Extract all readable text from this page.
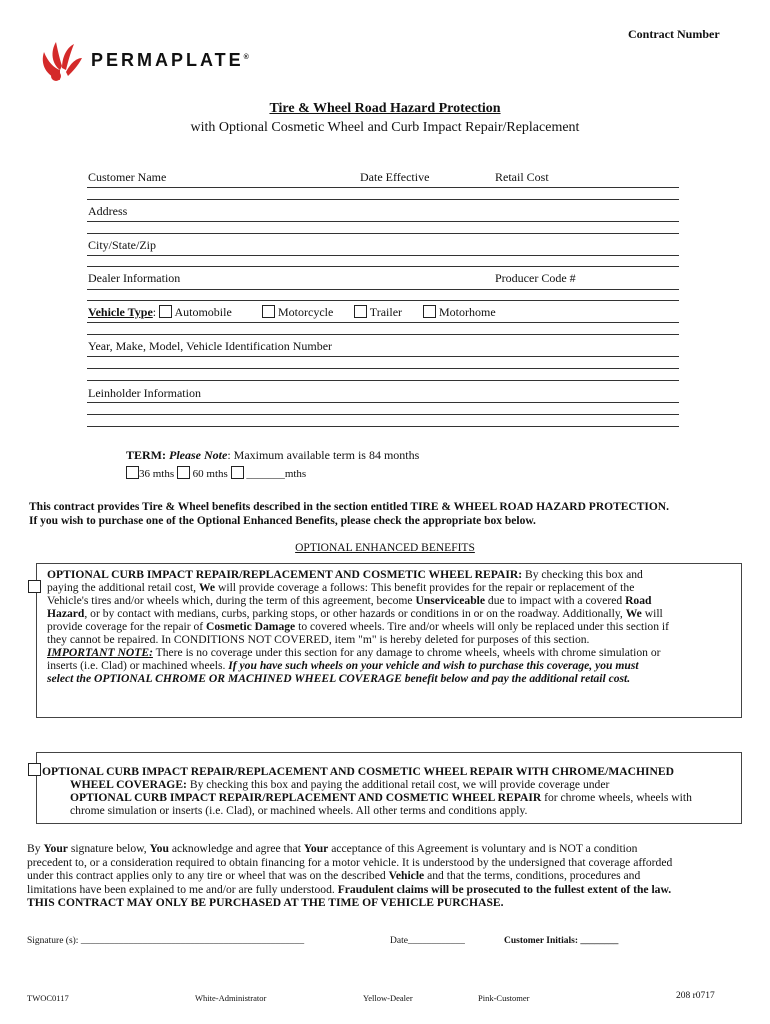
Contract Number
PERMAPLATE®
Tire & Wheel Road Hazard Protection
with Optional Cosmetic Wheel and Curb Impact Repair/Replacement
Customer Name	Date Effective	Retail Cost
Address
City/State/Zip
Dealer Information	Producer Code #
Vehicle Type:  Automobile	Motorcycle	Trailer	Motorhome
Year, Make, Model, Vehicle Identification Number
Leinholder Information
TERM: Please Note: Maximum available term is 84 months
36 mths 60 mths _______mths
This contract provides Tire & Wheel benefits described in the section entitled TIRE & WHEEL ROAD HAZARD PROTECTION.
If you wish to purchase one of the Optional Enhanced Benefits, please check the appropriate box below.
OPTIONAL ENHANCED BENEFITS
OPTIONAL CURB IMPACT REPAIR/REPLACEMENT AND COSMETIC WHEEL REPAIR: By checking this box and
paying the additional retail cost, We will provide coverage a follows: This benefit provides for the repair or replacement of the
Vehicle's tires and/or wheels which, during the term of this agreement, become Unserviceable due to impact with a covered Road
Hazard, or by contact with medians, curbs, parking stops, or other hazards or conditions in or on the roadway. Additionally, We will
provide coverage for the repair of Cosmetic Damage to covered wheels. Tire and/or wheels will only be replaced under this section if
they cannot be repaired. In CONDITIONS NOT COVERED, item "m" is hereby deleted for purposes of this section.
IMPORTANT NOTE: There is no coverage under this section for any damage to chrome wheels, wheels with chrome simulation or
inserts (i.e. Clad) or machined wheels. If you have such wheels on your vehicle and wish to purchase this coverage, you must
select the OPTIONAL CHROME OR MACHINED WHEEL COVERAGE benefit below and pay the additional retail cost.
OPTIONAL CURB IMPACT REPAIR/REPLACEMENT AND COSMETIC WHEEL REPAIR WITH CHROME/MACHINED
WHEEL COVERAGE: By checking this box and paying the additional retail cost, we will provide coverage under
OPTIONAL CURB IMPACT REPAIR/REPLACEMENT AND COSMETIC WHEEL REPAIR for chrome wheels, wheels with
chrome simulation or inserts (i.e. Clad), or machined wheels. All other terms and conditions apply.
By Your signature below, You acknowledge and agree that Your acceptance of this Agreement is voluntary and is NOT a condition
precedent to, or a consideration required to obtain financing for a motor vehicle. It is understood by the undersigned that coverage afforded
under this contract applies only to any tire or wheel that was on the described Vehicle and that the terms, conditions, procedures and
limitations have been explained to me and/or are fully understood. Fraudulent claims will be prosecuted to the fullest extent of the law.
THIS CONTRACT MAY ONLY BE PURCHASED AT THE TIME OF VEHICLE PURCHASE.
Signature (s): _______________________________________________	Date____________	Customer Initials: ________
TWOC0117	White-Administrator	Yellow-Dealer	Pink-Customer	208 r0717
